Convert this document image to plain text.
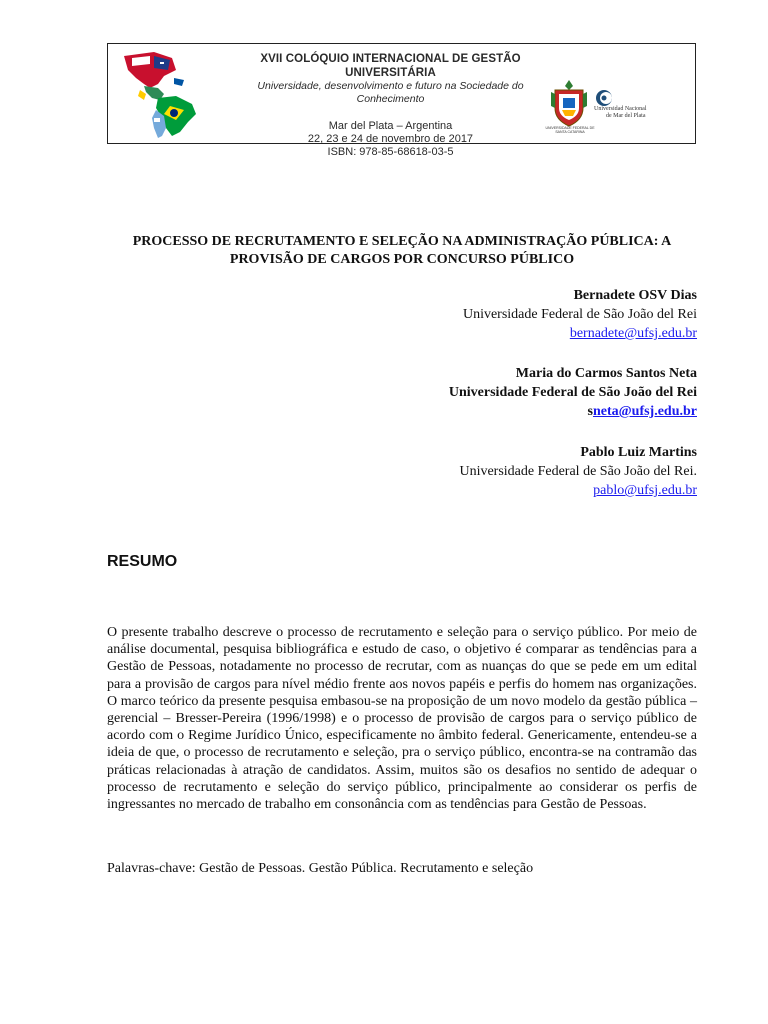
XVII COLÓQUIO INTERNACIONAL DE GESTÃO UNIVERSITÁRIA
Universidade, desenvolvimento e futuro na Sociedade do Conhecimento
Mar del Plata – Argentina
22, 23 e 24 de novembro de 2017
ISBN: 978-85-68618-03-5
UNIVERSIDADE FEDERAL DE SANTA CATARINA
Universidad Nacional
de Mar del Plata
PROCESSO DE RECRUTAMENTO E SELEÇÃO NA ADMINISTRAÇÃO PÚBLICA: A
PROVISÃO DE CARGOS POR CONCURSO PÚBLICO
Bernadete OSV Dias
Universidade Federal de São João del Rei
bernadete@ufsj.edu.br
Maria do Carmos Santos Neta
Universidade Federal de São João del Rei
sneta@ufsj.edu.br
Pablo Luiz Martins
Universidade Federal de São João del Rei.
pablo@ufsj.edu.br
RESUMO

O presente trabalho descreve o processo de recrutamento e seleção para o serviço público. Por meio de análise documental, pesquisa bibliográfica e estudo de caso, o objetivo é comparar as tendências para a Gestão de Pessoas, notadamente no processo de recrutar, com as nuanças do que se pede em um edital para a provisão de cargos para nível médio frente aos novos papéis e perfis do homem nas organizações. O marco teórico da presente pesquisa embasou-se na proposição de um novo modelo da gestão pública – gerencial – Bresser-Pereira (1996/1998) e o processo de provisão de cargos para o serviço público de acordo com o Regime Jurídico Único, especificamente no âmbito federal. Genericamente, entendeu-se a ideia de que, o processo de recrutamento e seleção, pra o serviço público, encontra-se na contramão das práticas relacionadas à atração de candidatos. Assim, muitos são os desafios no sentido de adequar o processo de recrutamento e seleção do serviço público, principalmente ao considerar os perfis de ingressantes no mercado de trabalho em consonância com as tendências para Gestão de Pessoas.

Palavras-chave: Gestão de Pessoas. Gestão Pública. Recrutamento e seleção
